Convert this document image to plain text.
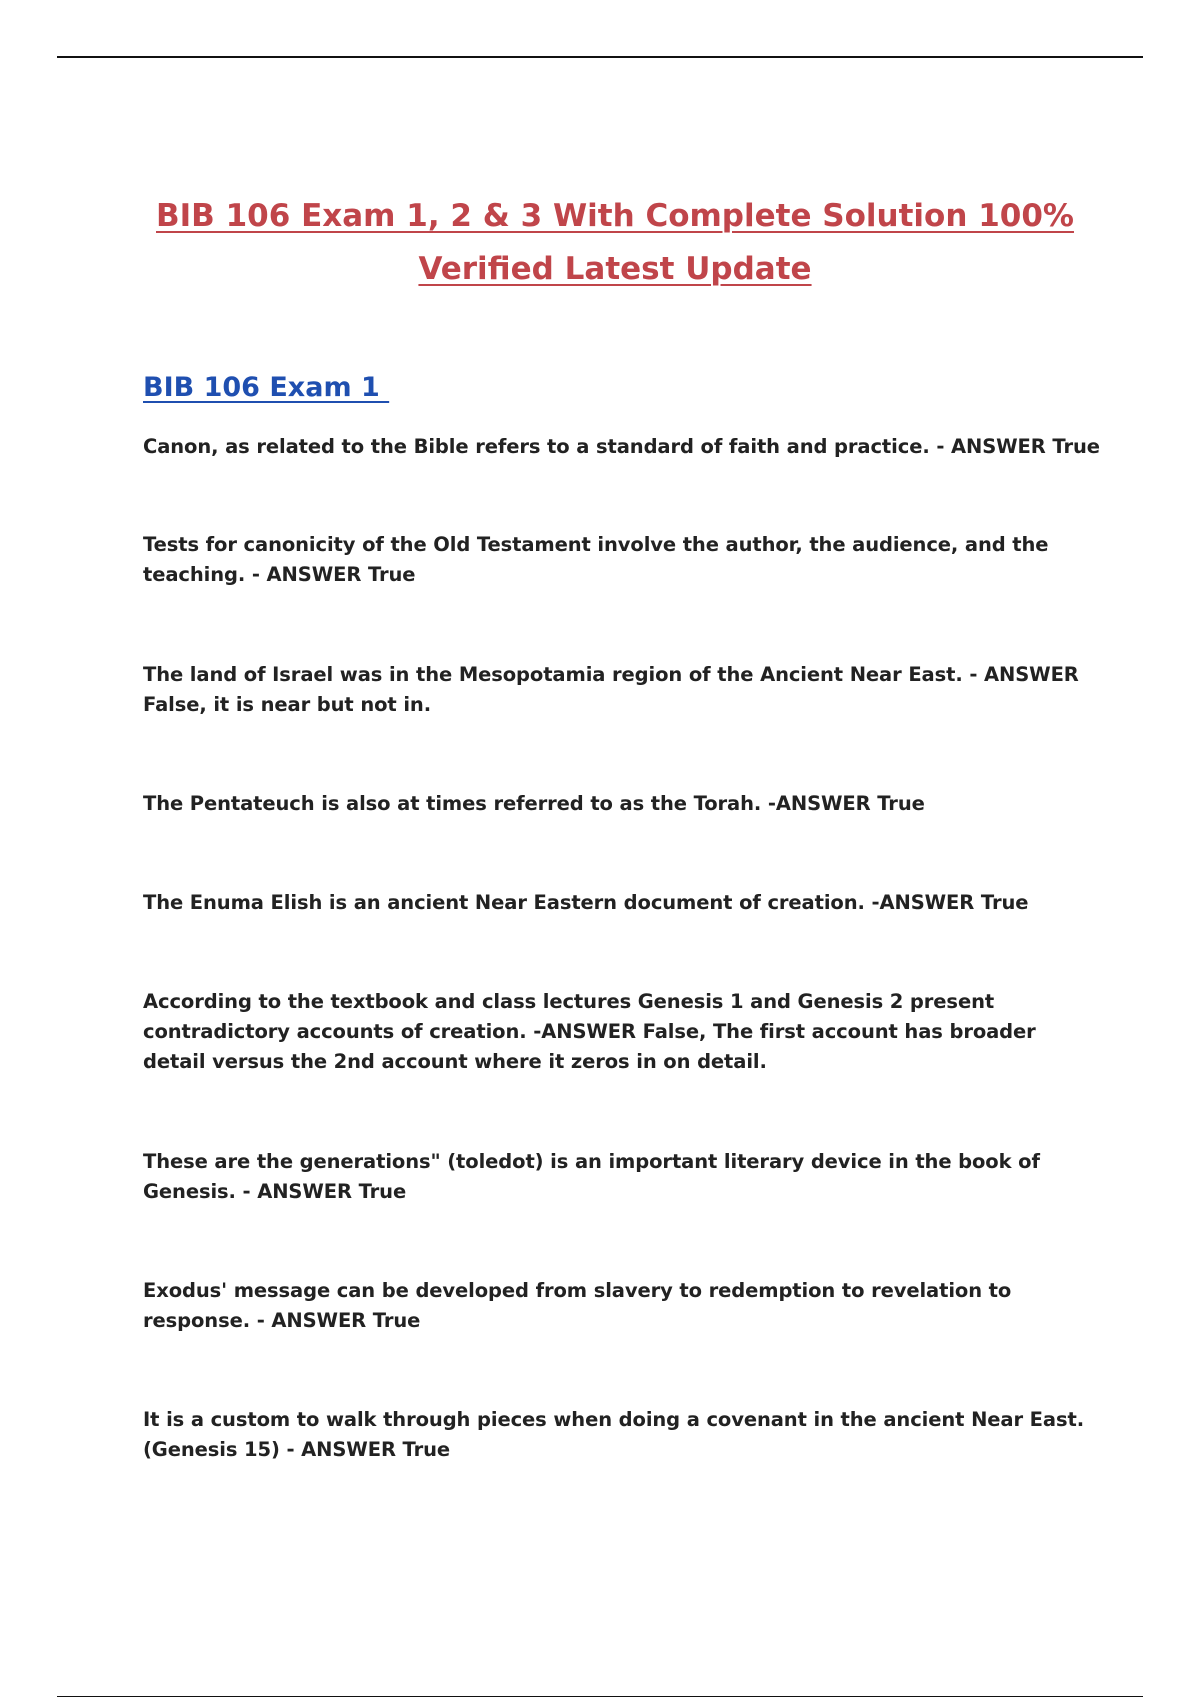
BIB 106 Exam 1, 2 & 3 With Complete Solution 100% Verified Latest Update
BIB 106 Exam 1

Canon, as related to the Bible refers to a standard of faith and practice. - ANSWER True

Tests for canonicity of the Old Testament involve the author, the audience, and the teaching. - ANSWER True

The land of Israel was in the Mesopotamia region of the Ancient Near East. - ANSWER False, it is near but not in.

The Pentateuch is also at times referred to as the Torah. -ANSWER True

The Enuma Elish is an ancient Near Eastern document of creation. -ANSWER True

According to the textbook and class lectures Genesis 1 and Genesis 2 present contradictory accounts of creation. -ANSWER False, The first account has broader detail versus the 2nd account where it zeros in on detail.

These are the generations" (toledot) is an important literary device in the book of Genesis. - ANSWER True

Exodus' message can be developed from slavery to redemption to revelation to response. - ANSWER True

It is a custom to walk through pieces when doing a covenant in the ancient Near East. (Genesis 15) - ANSWER True
